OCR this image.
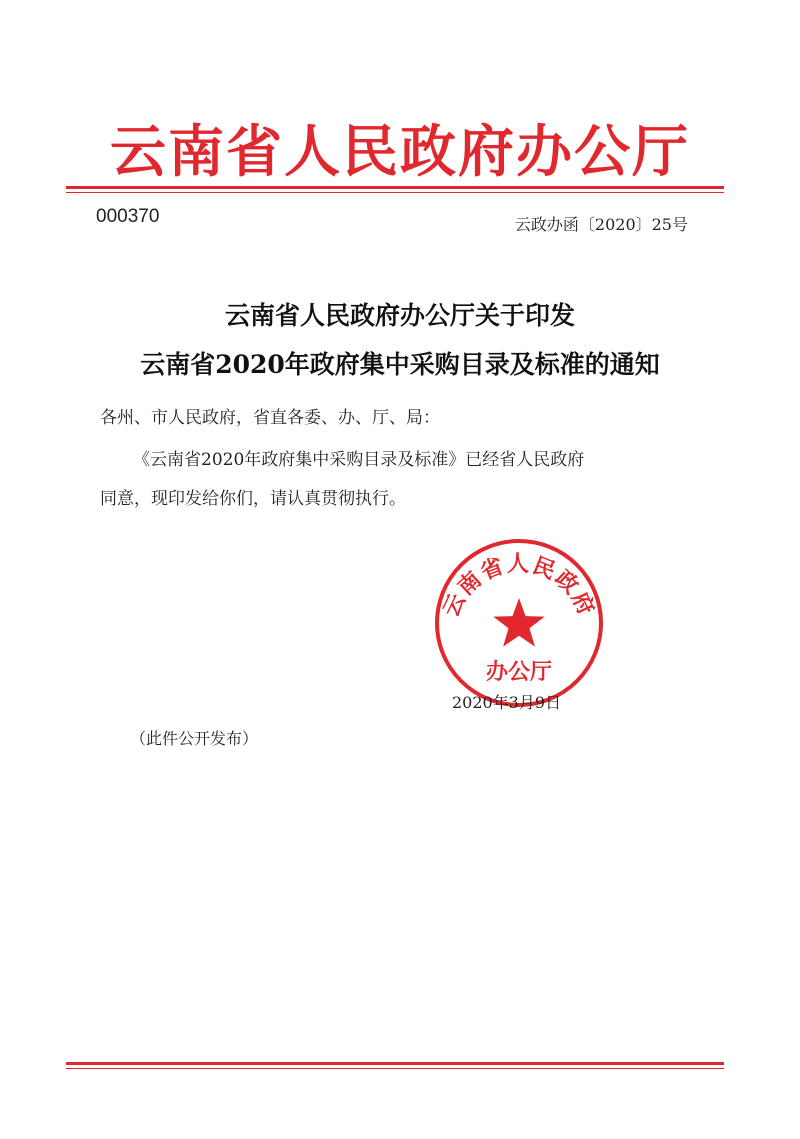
云南省人民政府办公厅
000370	云政办函〔2020〕25号
云南省人民政府办公厅关于印发
云南省2020年政府集中采购目录及标准的通知
各州、市人民政府，省直各委、办、厅、局：
《云南省2020年政府集中采购目录及标准》已经省人民政府
同意，现印发给你们，请认真贯彻执行。
云南省人民政府
办公厅
2020年3月9日
（此件公开发布）
